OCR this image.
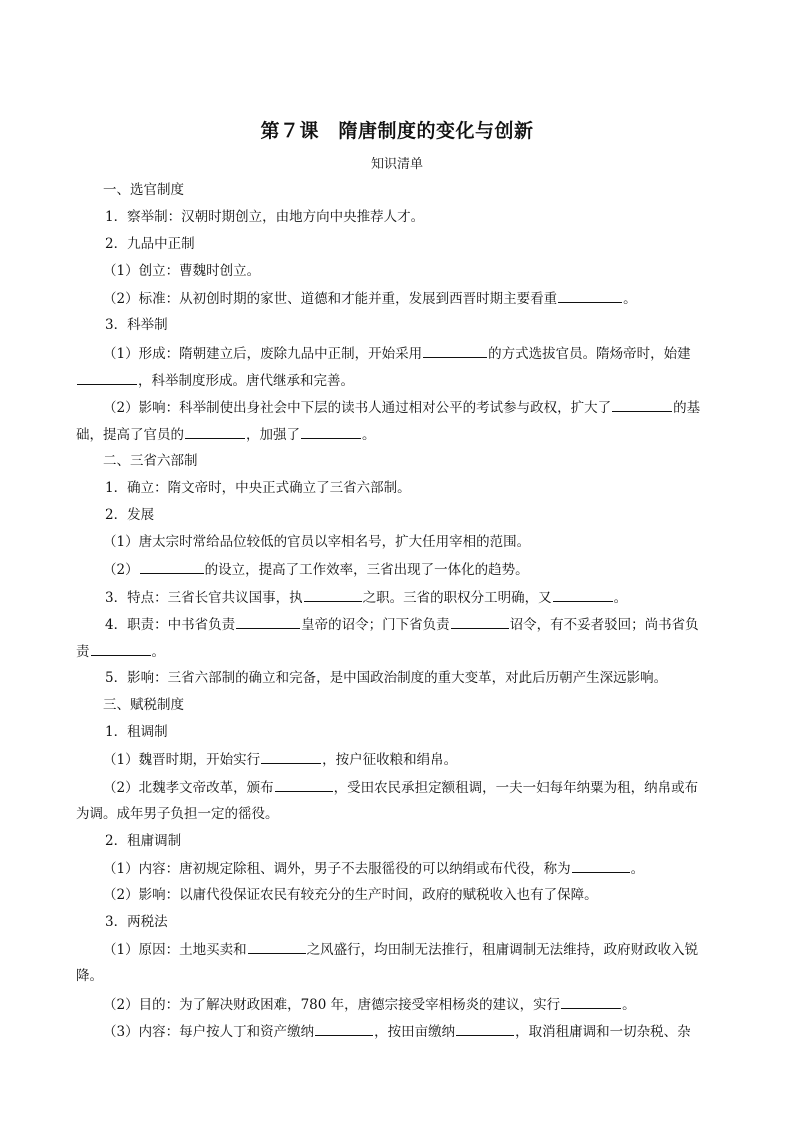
第７课　隋唐制度的变化与创新
知识清单
一、选官制度
1．察举制：汉朝时期创立，由地方向中央推荐人才。
2．九品中正制
（1）创立：曹魏时创立。
（2）标准：从初创时期的家世、道德和才能并重，发展到西晋时期主要看重	。
3．科举制
（1）形成：隋朝建立后，废除九品中正制，开始采用	的方式选拔官员。隋炀帝时，始建
，科举制度形成。唐代继承和完善。
（2）影响：科举制使出身社会中下层的读书人通过相对公平的考试参与政权，扩大了	的基
础，提高了官员的	，加强了	。
二、三省六部制
1．确立：隋文帝时，中央正式确立了三省六部制。
2．发展
（1）唐太宗时常给品位较低的官员以宰相名号，扩大任用宰相的范围。
（2）	的设立，提高了工作效率，三省出现了一体化的趋势。
3．特点：三省长官共议国事，执	之职。三省的职权分工明确，又	。
4．职责：中书省负责	皇帝的诏令；门下省负责	诏令，有不妥者驳回；尚书省负
责	。
5．影响：三省六部制的确立和完备，是中国政治制度的重大变革，对此后历朝产生深远影响。
三、赋税制度
1．租调制
（1）魏晋时期，开始实行	，按户征收粮和绢帛。
（2）北魏孝文帝改革，颁布	，受田农民承担定额租调，一夫一妇每年纳粟为租，纳帛或布
为调。成年男子负担一定的徭役。
2．租庸调制
（1）内容：唐初规定除租、调外，男子不去服徭役的可以纳绢或布代役，称为	。
（2）影响：以庸代役保证农民有较充分的生产时间，政府的赋税收入也有了保障。
3．两税法
（1）原因：土地买卖和	之风盛行，均田制无法推行，租庸调制无法维持，政府财政收入锐
降。
（2）目的：为了解决财政困难，780 年，唐德宗接受宰相杨炎的建议，实行	。
（3）内容：每户按人丁和资产缴纳	，按田亩缴纳	，取消租庸调和一切杂税、杂
